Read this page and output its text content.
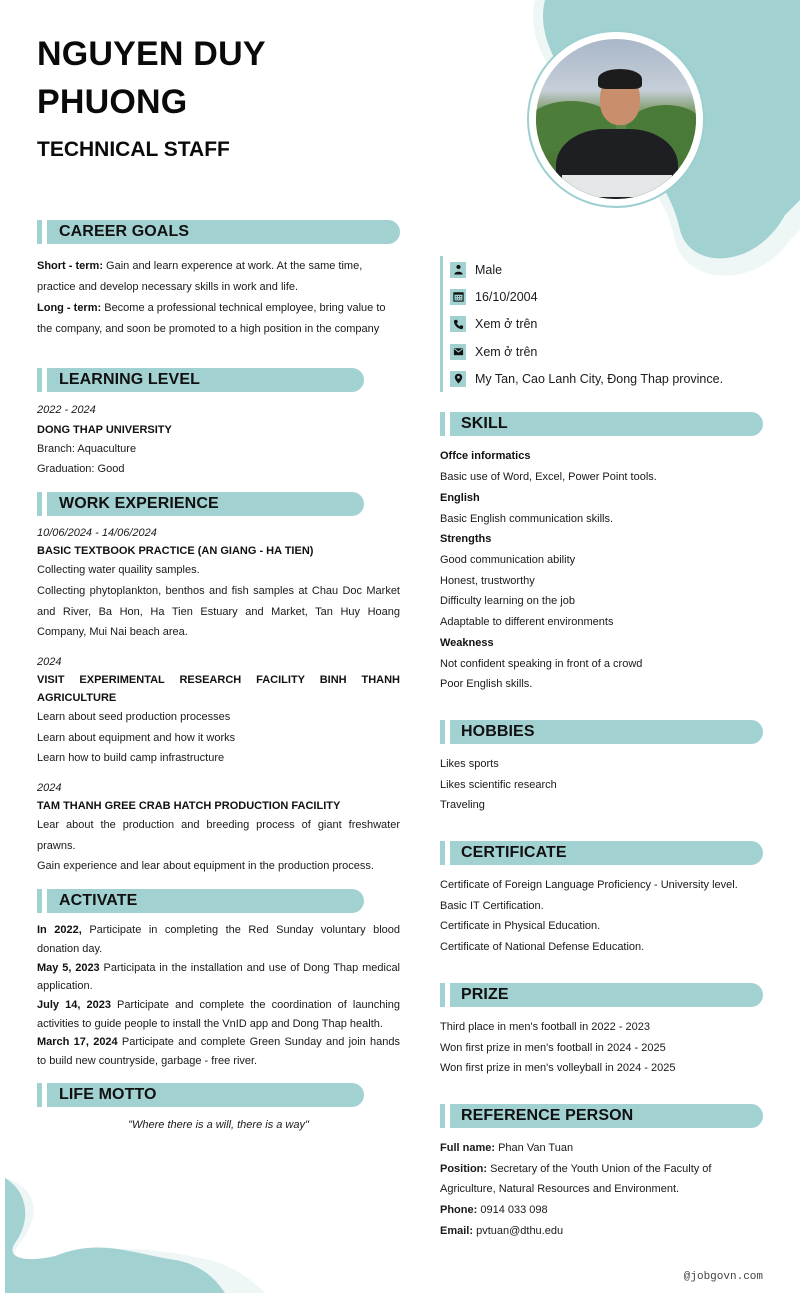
NGUYEN DUY PHUONG
TECHNICAL STAFF
CAREER GOALS
Short - term: Gain and learn experence at work. At the same time, practice and develop necessary skills in work and life.
Long - term: Become a professional technical employee, bring value to the company, and soon be promoted to a high position in the company
LEARNING LEVEL
2022 - 2024
DONG THAP UNIVERSITY
Branch: Aquaculture
Graduation: Good
WORK EXPERIENCE
10/06/2024 - 14/06/2024
BASIC TEXTBOOK PRACTICE (AN GIANG - HA TIEN)
Collecting water quaility samples.
Collecting phytoplankton, benthos and fish samples at Chau Doc Market and River, Ba Hon, Ha Tien Estuary and Market, Tan Huy Hoang Company, Mui Nai beach area.
2024
VISIT EXPERIMENTAL RESEARCH FACILITY BINH THANH AGRICULTURE
Learn about seed production processes
Learn about equipment and how it works
Learn how to build camp infrastructure
2024
TAM THANH GREE CRAB HATCH PRODUCTION FACILITY
Lear about the production and breeding process of giant freshwater prawns.
Gain experience and lear about equipment in the production process.
ACTIVATE
In 2022, Participate in completing the Red Sunday voluntary blood donation day.
May 5, 2023 Participata in the installation and use of Dong Thap medical application.
July 14, 2023 Participate and complete the coordination of launching activities to guide people to install the VnID app and Dong Thap health.
March 17, 2024 Participate and complete Green Sunday and join hands to build new countryside, garbage - free river.
LIFE MOTTO
"Where there is a will, there is a way"
Male
16/10/2004
Xem ở trên
Xem ở trên
My Tan, Cao Lanh City, Đong Thap province.
SKILL
Offce informatics
Basic use of Word, Excel, Power Point tools.
English
Basic English communication skills.
Strengths
Good communication ability
Honest, trustworthy
Difficulty learning on the job
Adaptable to different environments
Weakness
Not confident speaking in front of a crowd
Poor English skills.
HOBBIES
Likes sports
Likes scientific research
Traveling
CERTIFICATE
Certificate of Foreign Language Proficiency - University level.
Basic IT Certification.
Certificate in Physical Education.
Certificate of National Defense Education.
PRIZE
Third place in men's football in 2022 - 2023
Won first prize in men's football in 2024 - 2025
Won first prize in men's volleyball in 2024 - 2025
REFERENCE PERSON
Full name: Phan Van Tuan
Position: Secretary of the Youth Union of the Faculty of Agriculture, Natural Resources and Environment.
Phone: 0914 033 098
Email: pvtuan@dthu.edu
@jobgovn.com
